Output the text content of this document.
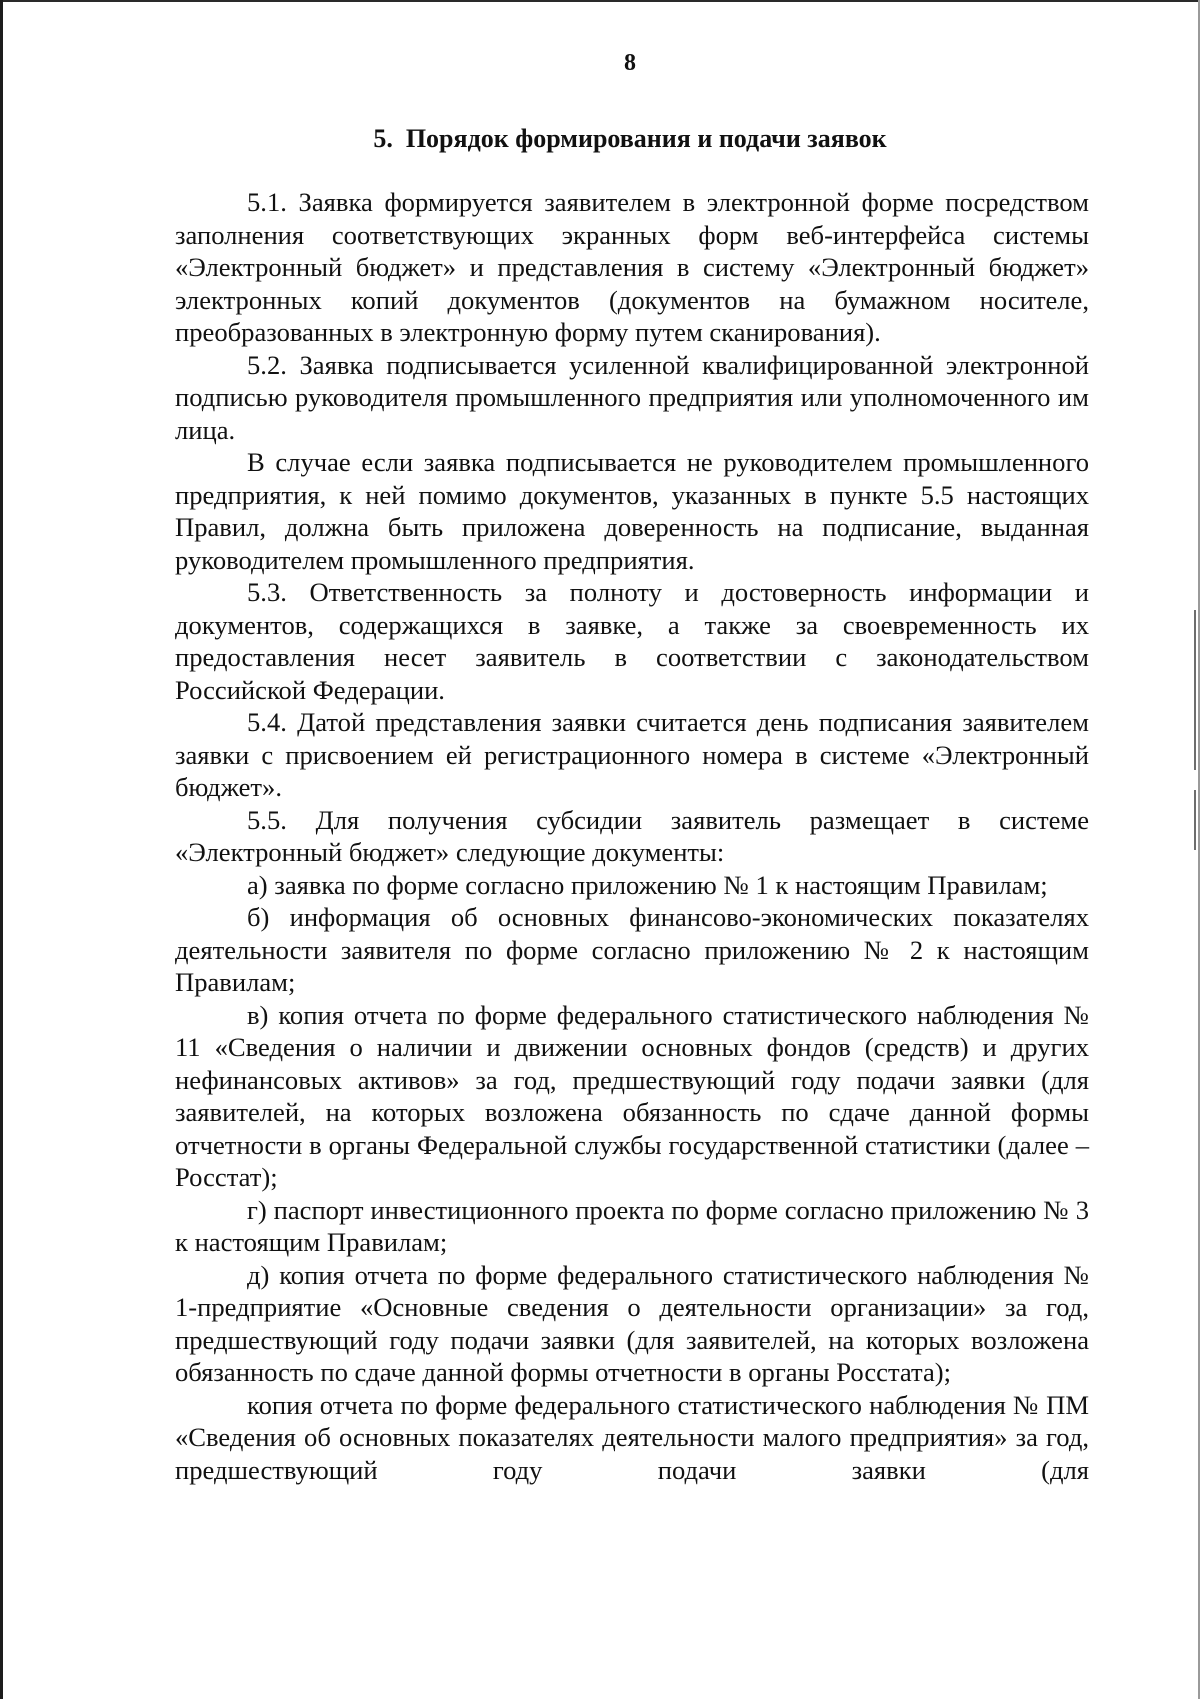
8
5.  Порядок формирования и подачи заявок

5.1. Заявка формируется заявителем в электронной форме посредством заполнения соответствующих экранных форм веб-интерфейса системы «Электронный бюджет» и представления в систему «Электронный бюджет» электронных копий документов (документов на бумажном носителе, преобразованных в электронную форму путем сканирования).

5.2. Заявка подписывается усиленной квалифицированной электронной подписью руководителя промышленного предприятия или уполномоченного им лица.

В случае если заявка подписывается не руководителем промышленного предприятия, к ней помимо документов, указанных в пункте 5.5 настоящих Правил, должна быть приложена доверенность на подписание, выданная руководителем промышленного предприятия.

5.3. Ответственность за полноту и достоверность информации и документов, содержащихся в заявке, а также за своевременность их предоставления несет заявитель в соответствии с законодательством Российской Федерации.

5.4. Датой представления заявки считается день подписания заявителем заявки с присвоением ей регистрационного номера в системе «Электронный бюджет».

5.5. Для получения субсидии заявитель размещает в системе «Электронный бюджет» следующие документы:

а) заявка по форме согласно приложению № 1 к настоящим Правилам;

б) информация об основных финансово-экономических показателях деятельности заявителя по форме согласно приложению № 2 к настоящим Правилам;

в) копия отчета по форме федерального статистического наблюдения № 11 «Сведения о наличии и движении основных фондов (средств) и других нефинансовых активов» за год, предшествующий году подачи заявки (для заявителей, на которых возложена обязанность по сдаче данной формы отчетности в органы Федеральной службы государственной статистики (далее – Росстат);

г) паспорт инвестиционного проекта по форме согласно приложению № 3 к настоящим Правилам;

д) копия отчета по форме федерального статистического наблюдения № 1-предприятие «Основные сведения о деятельности организации» за год, предшествующий году подачи заявки (для заявителей, на которых возложена обязанность по сдаче данной формы отчетности в органы Росстата);

копия отчета по форме федерального статистического наблюдения № ПМ «Сведения об основных показателях деятельности малого предприятия» за год, предшествующий году подачи заявки (для
